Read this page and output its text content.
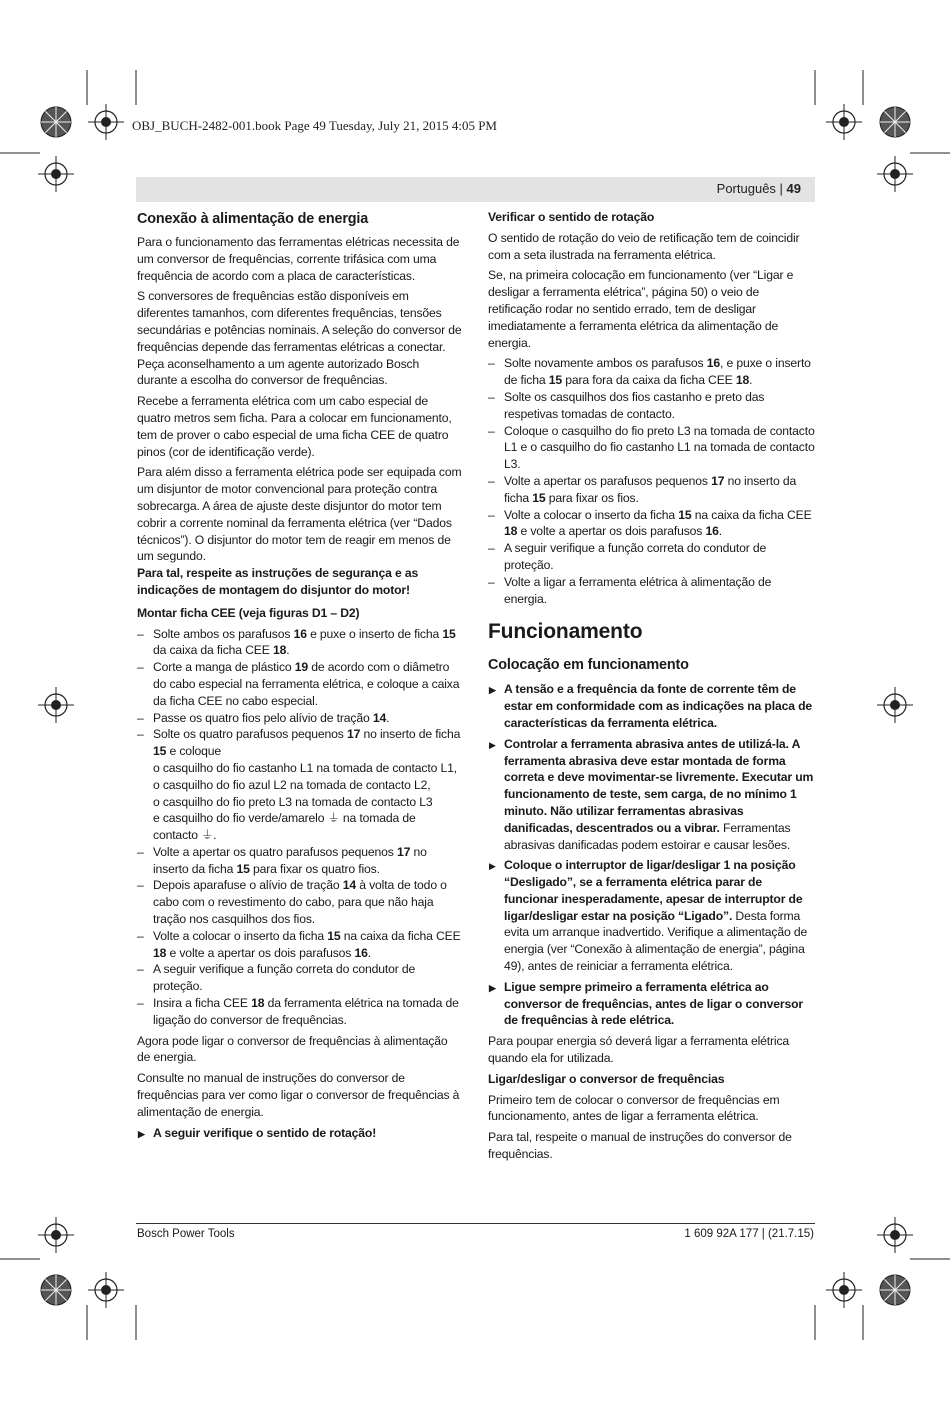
OBJ_BUCH-2482-001.book Page 49 Tuesday, July 21, 2015 4:05 PM
Português | 49
Conexão à alimentação de energia

Para o funcionamento das ferramentas elétricas necessita de um conversor de frequências, corrente trifásica com uma frequência de acordo com a placa de características.

S conversores de frequências estão disponíveis em diferentes tamanhos, com diferentes frequências, tensões secundárias e potências nominais. A seleção do conversor de frequências depende das ferramentas elétricas a conectar. Peça aconselhamento a um agente autorizado Bosch durante a escolha do conversor de frequências.

Recebe a ferramenta elétrica com um cabo especial de quatro metros sem ficha. Para a colocar em funcionamento, tem de prover o cabo especial de uma ficha CEE de quatro pinos (cor de identificação verde).

Para além disso a ferramenta elétrica pode ser equipada com um disjuntor de motor convencional para proteção contra sobrecarga. A área de ajuste deste disjuntor do motor tem cobrir a corrente nominal da ferramenta elétrica (ver “Dados técnicos”). O disjuntor do motor tem de reagir em menos de um segundo.

Para tal, respeite as instruções de segurança e as indicações de montagem do disjuntor do motor!

Montar ficha CEE (veja figuras D1 – D2)
– Solte ambos os parafusos 16 e puxe o inserto de ficha 15 da caixa da ficha CEE 18.
– Corte a manga de plástico 19 de acordo com o diâmetro do cabo especial na ferramenta elétrica, e coloque a caixa da ficha CEE no cabo especial.
– Passe os quatro fios pelo alívio de tração 14.
– Solte os quatro parafusos pequenos 17 no inserto de ficha 15 e coloque
o casquilho do fio castanho L1 na tomada de contacto L1,
o casquilho do fio azul L2 na tomada de contacto L2,
o casquilho do fio preto L3 na tomada de contacto L3
e casquilho do fio verde/amarelo ⏚ na tomada de contacto ⏚.
– Volte a apertar os quatro parafusos pequenos 17 no inserto da ficha 15 para fixar os quatro fios.
– Depois aparafuse o alívio de tração 14 à volta de todo o cabo com o revestimento do cabo, para que não haja tração nos casquilhos dos fios.
– Volte a colocar o inserto da ficha 15 na caixa da ficha CEE 18 e volte a apertar os dois parafusos 16.
– A seguir verifique a função correta do condutor de proteção.
– Insira a ficha CEE 18 da ferramenta elétrica na tomada de ligação do conversor de frequências.

Agora pode ligar o conversor de frequências à alimentação de energia.

Consulte no manual de instruções do conversor de frequências para ver como ligar o conversor de frequências à alimentação de energia.

▶ A seguir verifique o sentido de rotação!
Verificar o sentido de rotação

O sentido de rotação do veio de retificação tem de coincidir com a seta ilustrada na ferramenta elétrica.

Se, na primeira colocação em funcionamento (ver “Ligar e desligar a ferramenta elétrica”, página 50) o veio de retificação rodar no sentido errado, tem de desligar imediatamente a ferramenta elétrica da alimentação de energia.

– Solte novamente ambos os parafusos 16, e puxe o inserto de ficha 15 para fora da caixa da ficha CEE 18.
– Solte os casquilhos dos fios castanho e preto das respetivas tomadas de contacto.
– Coloque o casquilho do fio preto L3 na tomada de contacto L1 e o casquilho do fio castanho L1 na tomada de contacto L3.
– Volte a apertar os parafusos pequenos 17 no inserto da ficha 15 para fixar os fios.
– Volte a colocar o inserto da ficha 15 na caixa da ficha CEE 18 e volte a apertar os dois parafusos 16.
– A seguir verifique a função correta do condutor de proteção.
– Volte a ligar a ferramenta elétrica à alimentação de energia.
Funcionamento
Colocação em funcionamento
▶ A tensão e a frequência da fonte de corrente têm de estar em conformidade com as indicações na placa de características da ferramenta elétrica.
▶ Controlar a ferramenta abrasiva antes de utilizá-la. A ferramenta abrasiva deve estar montada de forma correta e deve movimentar-se livremente. Executar um funcionamento de teste, sem carga, de no mínimo 1 minuto. Não utilizar ferramentas abrasivas danificadas, descentrados ou a vibrar. Ferramentas abrasivas danificadas podem estoirar e causar lesões.
▶ Coloque o interruptor de ligar/desligar 1 na posição “Desligado”, se a ferramenta elétrica parar de funcionar inesperadamente, apesar de interruptor de ligar/desligar estar na posição “Ligado”. Desta forma evita um arranque inadvertido. Verifique a alimentação de energia (ver “Conexão à alimentação de energia”, página 49), antes de reiniciar a ferramenta elétrica.
▶ Ligue sempre primeiro a ferramenta elétrica ao conversor de frequências, antes de ligar o conversor de frequências à rede elétrica.

Para poupar energia só deverá ligar a ferramenta elétrica quando ela for utilizada.

Ligar/desligar o conversor de frequências

Primeiro tem de colocar o conversor de frequências em funcionamento, antes de ligar a ferramenta elétrica.

Para tal, respeite o manual de instruções do conversor de frequências.

Bosch Power Tools	1 609 92A 177 | (21.7.15)
